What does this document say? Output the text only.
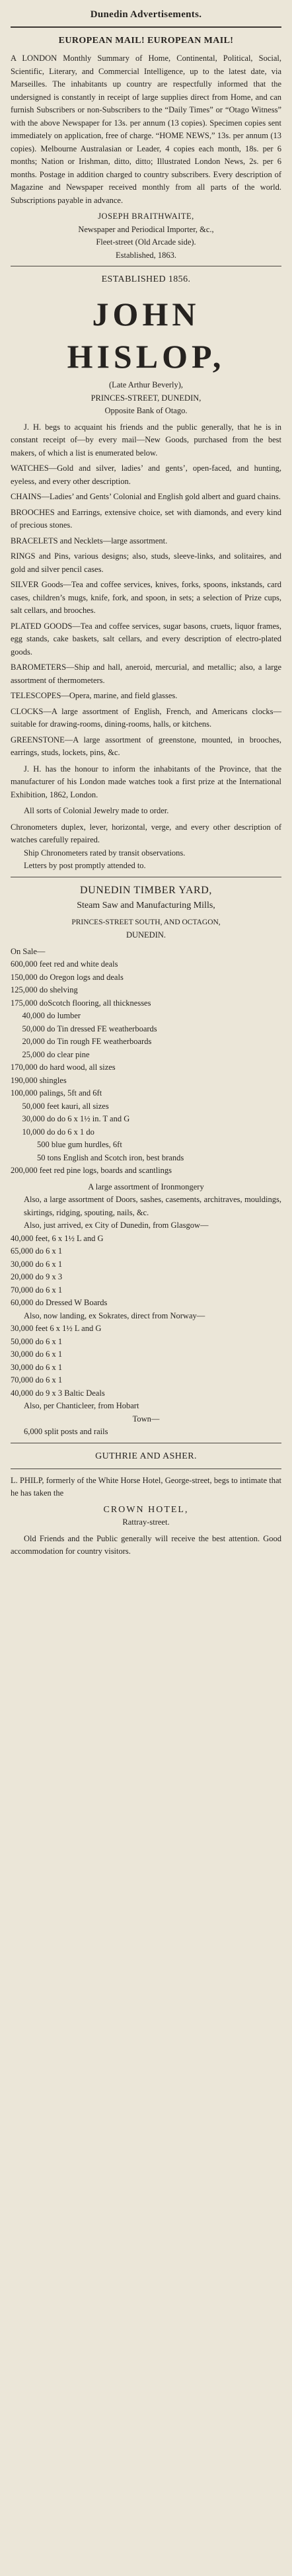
Dunedin Advertisements.
EUROPEAN MAIL! EUROPEAN MAIL!

A LONDON Monthly Summary of Home, Continental, Political, Social, Scientific, Literary, and Commercial Intelligence, up to the latest date, via Marseilles. The inhabitants up country are respectfully informed that the undersigned is constantly in receipt of large supplies direct from Home, and can furnish Subscribers or non-Subscribers to the “Daily Times” or “Otago Witness” with the above Newspaper for 13s. per annum (13 copies). Specimen copies sent immediately on application, free of charge. “HOME NEWS,” 13s. per annum (13 copies). Melbourne Australasian or Leader, 4 copies each month, 18s. per 6 months; Nation or Irishman, ditto, ditto; Illustrated London News, 2s. per 6 months. Postage in addition charged to country subscribers. Every description of Magazine and Newspaper received monthly from all parts of the world. Subscriptions payable in advance.

JOSEPH BRAITHWAITE,

Newspaper and Periodical Importer, &c.,

Fleet-street (Old Arcade side).

Established, 1863.

ESTABLISHED 1856.
JOHN HISLOP,

(Late Arthur Beverly),

PRINCES-STREET, DUNEDIN,

Opposite Bank of Otago.

J. H. begs to acquaint his friends and the public generally, that he is in constant receipt of—by every mail—New Goods, purchased from the best makers, of which a list is enumerated below.

WATCHES—Gold and silver, ladies’ and gents’, open-faced, and hunting, eyeless, and every other description.

CHAINS—Ladies’ and Gents’ Colonial and English gold albert and guard chains.

BROOCHES and Earrings, extensive choice, set with diamonds, and every kind of precious stones.

BRACELETS and Necklets—large assortment.

RINGS and Pins, various designs; also, studs, sleeve-links, and solitaires, and gold and silver pencil cases.

SILVER Goods—Tea and coffee services, knives, forks, spoons, inkstands, card cases, children’s mugs, knife, fork, and spoon, in sets; a selection of Prize cups, salt cellars, and brooches.

PLATED GOODS—Tea and coffee services, sugar basons, cruets, liquor frames, egg stands, cake baskets, salt cellars, and every description of electro-plated goods.

BAROMETERS—Ship and hall, aneroid, mercurial, and metallic; also, a large assortment of thermometers.

TELESCOPES—Opera, marine, and field glasses.

CLOCKS—A large assortment of English, French, and Americans clocks—suitable for drawing-rooms, dining-rooms, halls, or kitchens.

GREENSTONE—A large assortment of greenstone, mounted, in brooches, earrings, studs, lockets, pins, &c.

J. H. has the honour to inform the inhabitants of the Province, that the manufacturer of his London made watches took a first prize at the International Exhibition, 1862, London.

All sorts of Colonial Jewelry made to order.

Chronometers duplex, lever, horizontal, verge, and every other description of watches carefully repaired.

Ship Chronometers rated by transit observations.

Letters by post promptly attended to.

DUNEDIN TIMBER YARD,
Steam Saw and Manufacturing Mills,

PRINCES-STREET SOUTH, AND OCTAGON,

DUNEDIN.

On Sale—

600,000 feet red and white deals

150,000 do Oregon logs and deals

125,000 do shelving

175,000 doScotch flooring, all thicknesses

40,000 do lumber

50,000 do Tin dressed FE weatherboards

20,000 do Tin rough FE weatherboards

25,000 do clear pine

170,000 do hard wood, all sizes

190,000 shingles

100,000 palings, 5ft and 6ft

50,000 feet kauri, all sizes

30,000 do do 6 x 1½ in. T and G

10,000 do do 6 x 1 do

500 blue gum hurdles, 6ft

50 tons English and Scotch iron, best brands

200,000 feet red pine logs, boards and scantlings

A large assortment of Ironmongery

Also, a large assortment of Doors, sashes, casements, architraves, mouldings, skirtings, ridging, spouting, nails, &c.

Also, just arrived, ex City of Dunedin, from Glasgow—

40,000 feet, 6 x 1½ L and G

65,000 do 6 x 1

30,000 do 6 x 1

20,000 do 9 x 3

70,000 do 6 x 1

60,000 do Dressed W Boards

Also, now landing, ex Sokrates, direct from Norway—

30,000 feet 6 x 1½ L and G

50,000 do 6 x 1

30,000 do 6 x 1

30,000 do 6 x 1

70,000 do 6 x 1

40,000 do 9 x 3 Baltic Deals

Also, per Chanticleer, from Hobart

Town—

6,000 split posts and rails

GUTHRIE AND ASHER.

L. PHILP, formerly of the White Horse Hotel, George-street, begs to intimate that he has taken the

CROWN HOTEL,

Rattray-street.

Old Friends and the Public generally will receive the best attention. Good accommodation for country visitors.
